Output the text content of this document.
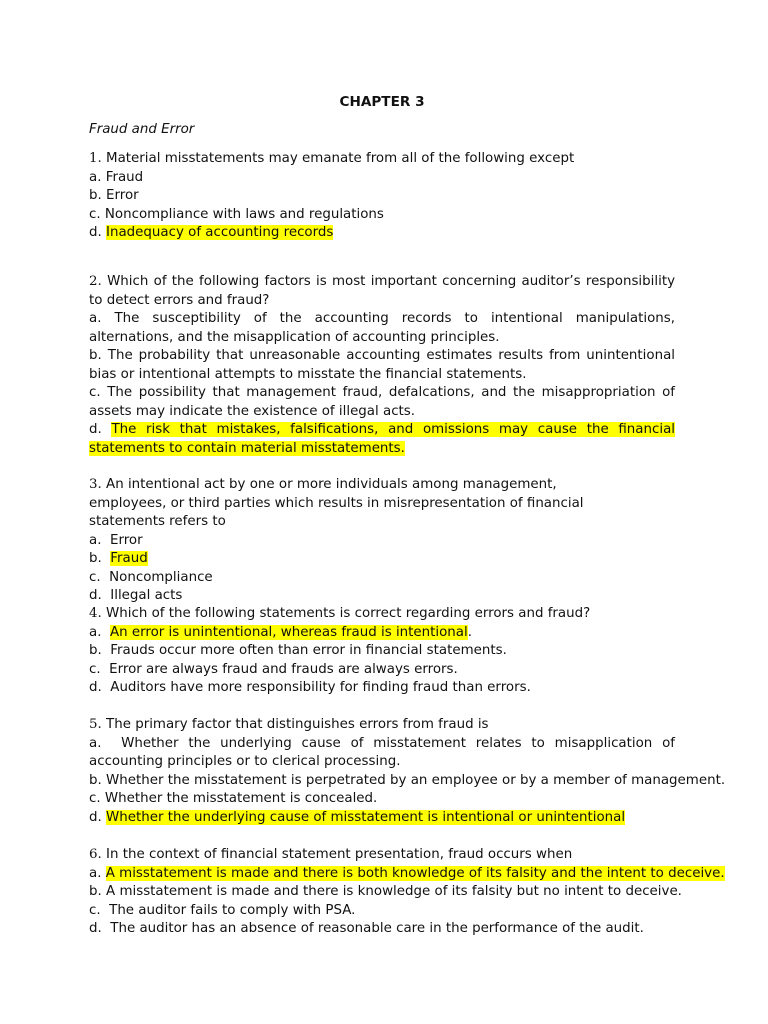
CHAPTER 3
Fraud and Error
1. Material misstatements may emanate from all of the following except
a. Fraud
b. Error
c. Noncompliance with laws and regulations
d. Inadequacy of accounting records
2. Which of the following factors is most important concerning auditor’s responsibility to detect errors and fraud?
a. The susceptibility of the accounting records to intentional manipulations, alternations, and the misapplication of accounting principles.
b. The probability that unreasonable accounting estimates results from unintentional bias or intentional attempts to misstate the financial statements.
c. The possibility that management fraud, defalcations, and the misappropriation of assets may indicate the existence of illegal acts.
d. The risk that mistakes, falsifications, and omissions may cause the financial statements to contain material misstatements.
3. An intentional act by one or more individuals among management, employees, or third parties which results in misrepresentation of financial statements refers to
a. Error
b. Fraud
c. Noncompliance
d. Illegal acts
4. Which of the following statements is correct regarding errors and fraud?
a. An error is unintentional, whereas fraud is intentional.
b. Frauds occur more often than error in financial statements.
c. Error are always fraud and frauds are always errors.
d. Auditors have more responsibility for finding fraud than errors.
5. The primary factor that distinguishes errors from fraud is
a. Whether the underlying cause of misstatement relates to misapplication of accounting principles or to clerical processing.
b. Whether the misstatement is perpetrated by an employee or by a member of management.
c. Whether the misstatement is concealed.
d. Whether the underlying cause of misstatement is intentional or unintentional
6. In the context of financial statement presentation, fraud occurs when
a. A misstatement is made and there is both knowledge of its falsity and the intent to deceive.
b. A misstatement is made and there is knowledge of its falsity but no intent to deceive.
c. The auditor fails to comply with PSA.
d. The auditor has an absence of reasonable care in the performance of the audit.
